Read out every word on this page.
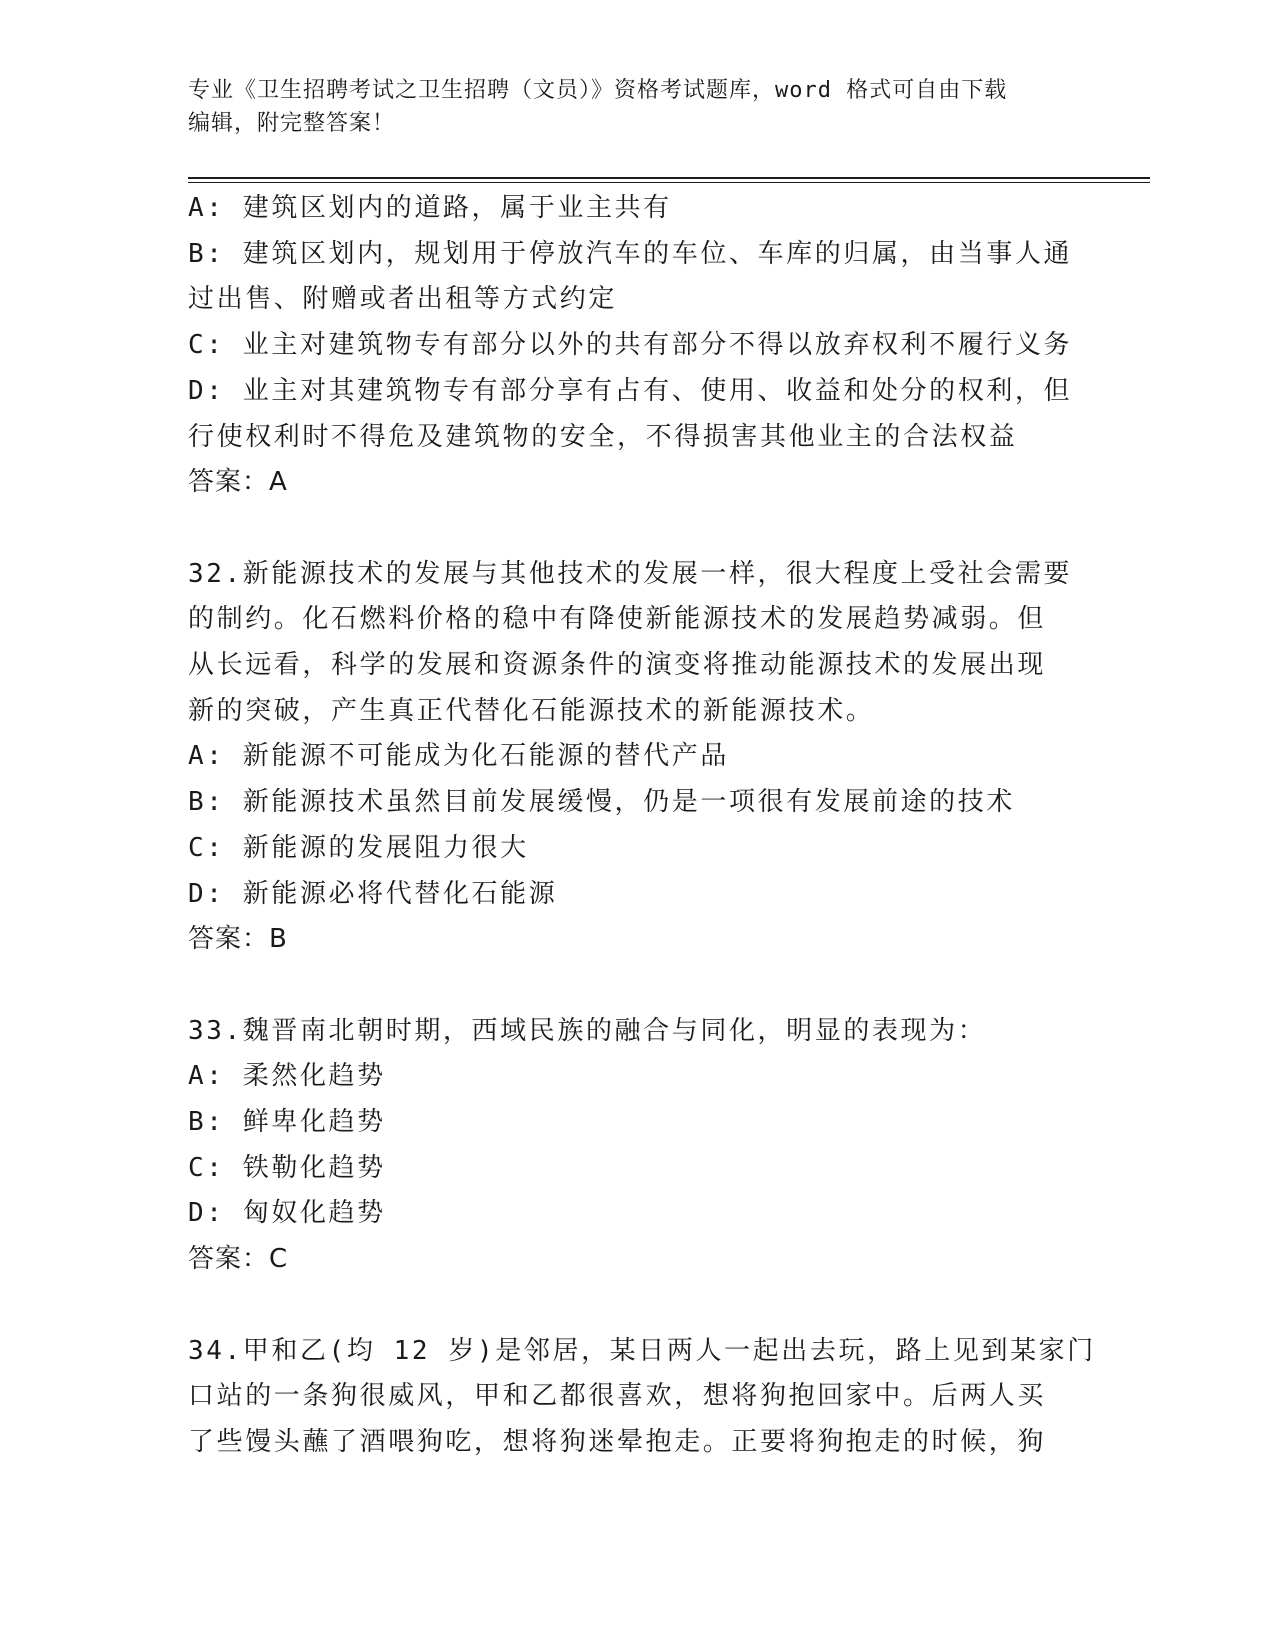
专业《卫生招聘考试之卫生招聘（文员）》资格考试题库，word 格式可自由下载
编辑，附完整答案！
A: 建筑区划内的道路，属于业主共有
B: 建筑区划内，规划用于停放汽车的车位、车库的归属，由当事人通
过出售、附赠或者出租等方式约定
C: 业主对建筑物专有部分以外的共有部分不得以放弃权利不履行义务
D: 业主对其建筑物专有部分享有占有、使用、收益和处分的权利，但
行使权利时不得危及建筑物的安全，不得损害其他业主的合法权益
答案：A
32.新能源技术的发展与其他技术的发展一样，很大程度上受社会需要
的制约。化石燃料价格的稳中有降使新能源技术的发展趋势减弱。但
从长远看，科学的发展和资源条件的演变将推动能源技术的发展出现
新的突破，产生真正代替化石能源技术的新能源技术。
A: 新能源不可能成为化石能源的替代产品
B: 新能源技术虽然目前发展缓慢，仍是一项很有发展前途的技术
C: 新能源的发展阻力很大
D: 新能源必将代替化石能源
答案：B
33.魏晋南北朝时期，西域民族的融合与同化，明显的表现为：
A: 柔然化趋势
B: 鲜卑化趋势
C: 铁勒化趋势
D: 匈奴化趋势
答案：C
34.甲和乙(均 12 岁)是邻居，某日两人一起出去玩，路上见到某家门
口站的一条狗很威风，甲和乙都很喜欢，想将狗抱回家中。后两人买
了些馒头蘸了酒喂狗吃，想将狗迷晕抱走。正要将狗抱走的时候，狗
